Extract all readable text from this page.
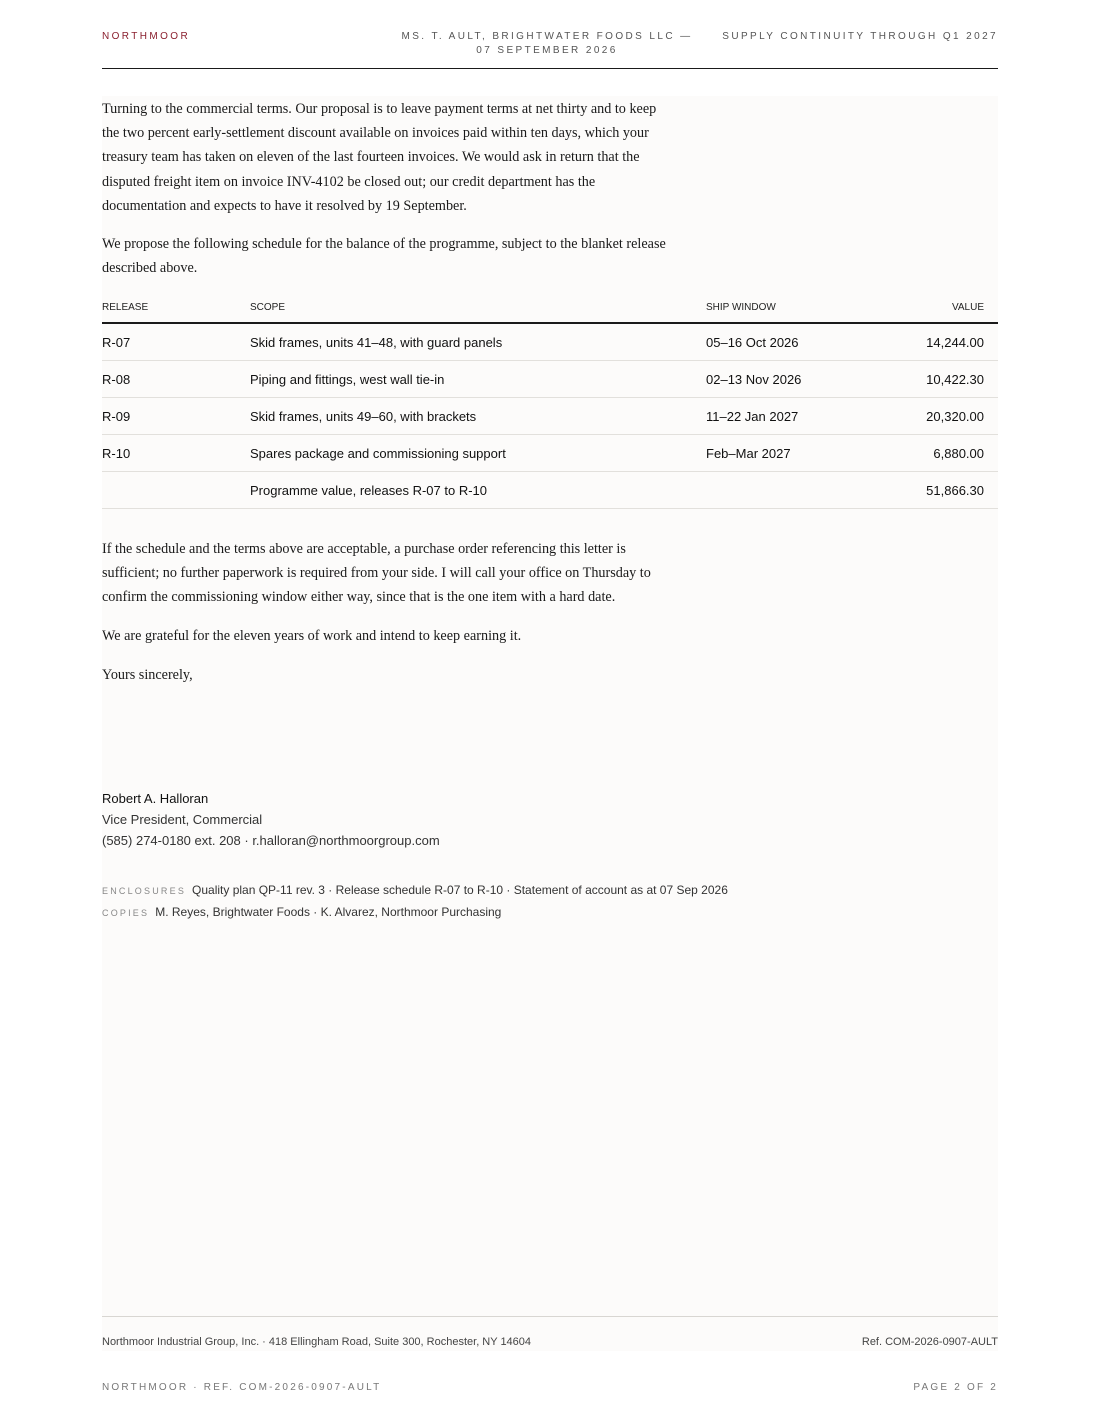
NORTHMOOR	MS. T. AULT, BRIGHTWATER FOODS LLC — 07 SEPTEMBER 2026
SUPPLY CONTINUITY THROUGH Q1 2027

Turning to the commercial terms. Our proposal is to leave payment terms at net thirty and to keep the two percent early-settlement discount available on invoices paid within ten days, which your treasury team has taken on eleven of the last fourteen invoices. We would ask in return that the disputed freight item on invoice INV-4102 be closed out; our credit department has the documentation and expects to have it resolved by 19 September.

We propose the following schedule for the balance of the programme, subject to the blanket release described above.

RELEASE	SCOPE	SHIP WINDOW	VALUE
R-07	Skid frames, units 41–48, with guard panels	05–16 Oct 2026	14,244.00
R-08	Piping and fittings, west wall tie-in	02–13 Nov 2026	10,422.30
R-09	Skid frames, units 49–60, with brackets	11–22 Jan 2027	20,320.00
R-10	Spares package and commissioning support	Feb–Mar 2027	6,880.00
	Programme value, releases R-07 to R-10		51,866.30

If the schedule and the terms above are acceptable, a purchase order referencing this letter is sufficient; no further paperwork is required from your side. I will call your office on Thursday to confirm the commissioning window either way, since that is the one item with a hard date.

We are grateful for the eleven years of work and intend to keep earning it.

Yours sincerely,

Robert A. Halloran
Vice President, Commercial
(585) 274-0180 ext. 208 · r.halloran@northmoorgroup.com
ENCLOSURES Quality plan QP-11 rev. 3 · Release schedule R-07 to R-10 · Statement of account as at 07 Sep 2026
COPIES M. Reyes, Brightwater Foods · K. Alvarez, Northmoor Purchasing
Northmoor Industrial Group, Inc. · 418 Ellingham Road, Suite 300, Rochester, NY 14604	Ref. COM-2026-0907-AULT
NORTHMOOR · REF. COM-2026-0907-AULT	PAGE 2 OF 2
